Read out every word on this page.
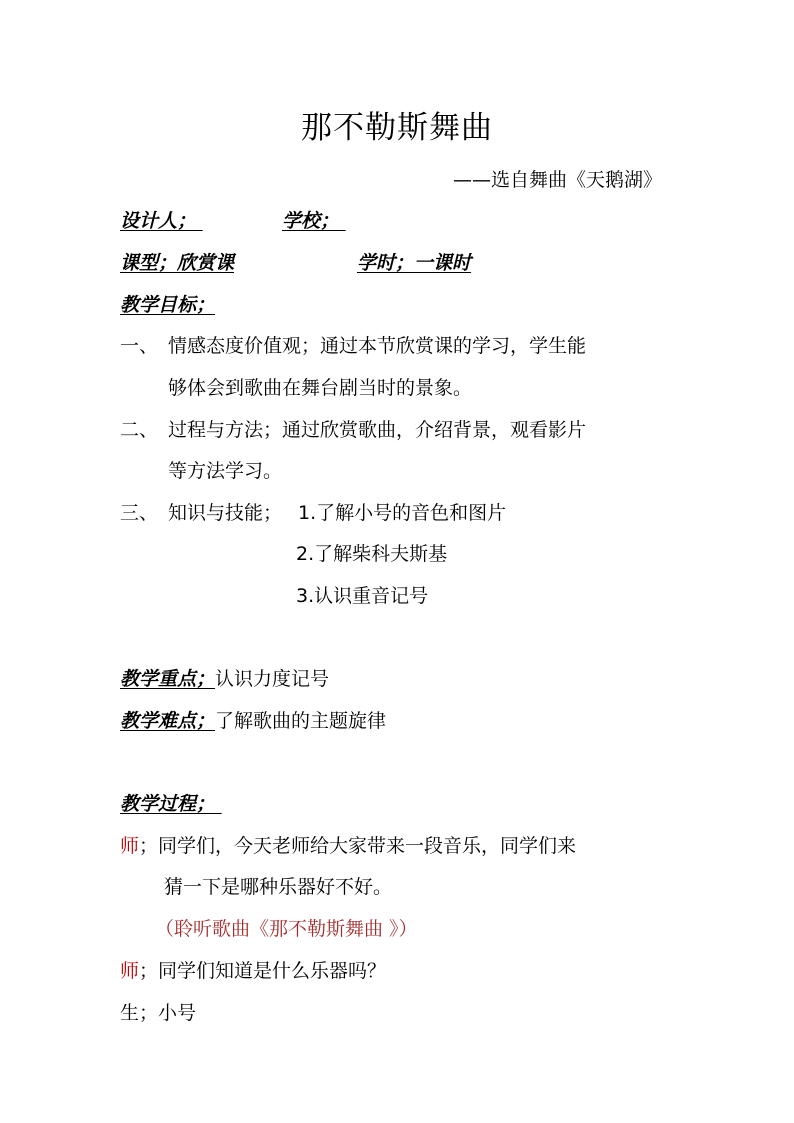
那不勒斯舞曲
——选自舞曲《天鹅湖》
设计人；	学校；
课型；欣赏课	学时；一课时
教学目标；
一、 情感态度价值观；通过本节欣赏课的学习，学生能
够体会到歌曲在舞台剧当时的景象。
二、 过程与方法；通过欣赏歌曲，介绍背景，观看影片
等方法学习。
三、 知识与技能； 1.了解小号的音色和图片
2.了解柴科夫斯基
3.认识重音记号
教学重点；认识力度记号
教学难点；了解歌曲的主题旋律
教学过程；
师；同学们，今天老师给大家带来一段音乐，同学们来
猜一下是哪种乐器好不好。
（聆听歌曲《那不勒斯舞曲 》）
师；同学们知道是什么乐器吗？
生；小号
